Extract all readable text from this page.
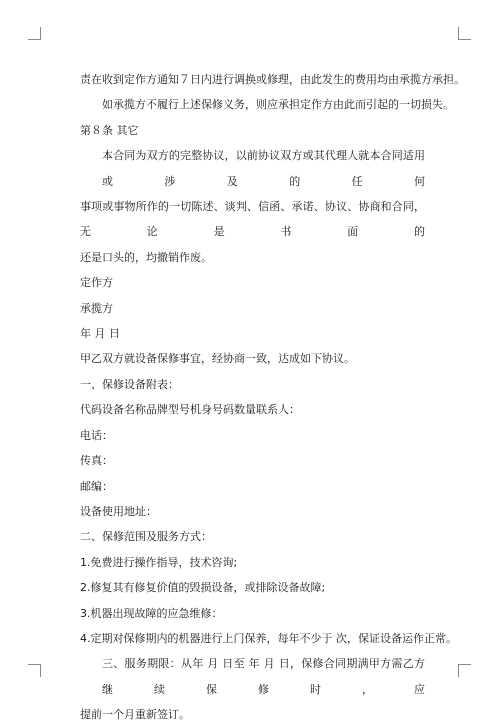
责在收到定作方通知７日内进行调换或修理，由此发生的费用均由承揽方承担。
如承揽方不履行上述保修义务，则应承担定作方由此而引起的一切损失。
第８条 其它
本合同为双方的完整协议，以前协议双方或其代理人就本合同适用或涉及的任何
事项或事物所作的一切陈述、谈判、信函、承诺、协议、协商和合同，无论是书面的
还是口头的，均撤销作废。
定作方
承揽方
年 月 日
甲乙双方就设备保修事宜，经协商一致，达成如下协议。
一、保修设备附表：
代码设备名称品牌型号机身号码数量联系人：
电话：
传真：
邮编：
设备使用地址：
二、保修范围及服务方式：
1.免费进行操作指导，技术咨询;
2.修复其有修复价值的毁损设备，或排除设备故障;
3.机器出现故障的应急维修：
4.定期对保修期内的机器进行上门保养，每年不少于 次，保证设备运作正常。
三、服务期限：从年 月 日至 年 月 日，保修合同期满甲方需乙方继续保修时，应
提前一个月重新签订。
